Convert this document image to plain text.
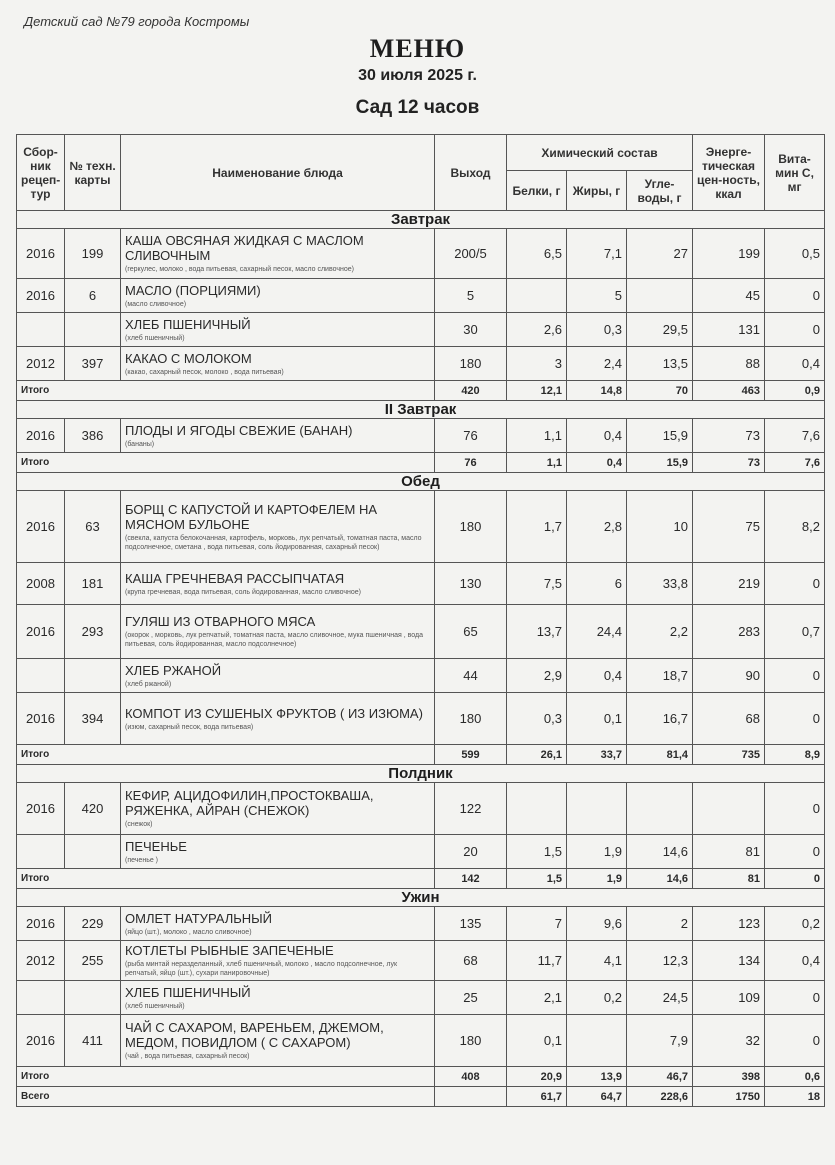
Детский сад №79 города Костромы
МЕНЮ
30 июля 2025 г.
Сад 12 часов
Сбор-ник рецеп-тур	№ техн. карты	Наименование блюда	Выход	Химический состав			Энерге-тическая цен-ность, ккал	Вита-мин С, мг
				Белки, г	Жиры, г	Угле-воды, г		
Завтрак								
2016	199	КАША ОВСЯНАЯ ЖИДКАЯ С МАСЛОМ СЛИВОЧНЫМ
(геркулес, молоко , вода питьевая, сахарный песок, масло сливочное)	200/5	6,5	7,1	27	199	0,5
2016	6	МАСЛО (ПОРЦИЯМИ)
(масло сливочное)	5		5		45	0

		ХЛЕБ ПШЕНИЧНЫЙ
(хлеб пшеничный)	30	2,6	0,3	29,5	131	0
2012	397	КАКАО С МОЛОКОМ
(какао, сахарный песок, молоко , вода питьевая)	180	3	2,4	13,5	88	0,4
Итого			420	12,1	14,8	70	463	0,9
II Завтрак								
2016	386	ПЛОДЫ И ЯГОДЫ СВЕЖИЕ (БАНАН)
(бананы)	76	1,1	0,4	15,9	73	7,6
Итого			76	1,1	0,4	15,9	73	7,6
Обед								
2016	63	БОРЩ С КАПУСТОЙ И КАРТОФЕЛЕМ НА МЯСНОМ БУЛЬОНЕ
(свекла, капуста белокочанная, картофель, морковь, лук репчатый, томатная паста, масло подсолнечное, сметана , вода питьевая, соль йодированная, сахарный песок)	180	1,7	2,8	10	75	8,2
2008	181	КАША ГРЕЧНЕВАЯ РАССЫПЧАТАЯ
(крупа гречневая, вода питьевая, соль йодированная, масло сливочное)	130	7,5	6	33,8	219	0
2016	293	ГУЛЯШ ИЗ ОТВАРНОГО МЯСА
(окорок , морковь, лук репчатый, томатная паста, масло сливочное, мука пшеничная , вода питьевая, соль йодированная, масло подсолнечное)	65	13,7	24,4	2,2	283	0,7

		ХЛЕБ РЖАНОЙ
(хлеб ржаной)	44	2,9	0,4	18,7	90	0
2016	394	КОМПОТ ИЗ СУШЕНЫХ ФРУКТОВ ( ИЗ ИЗЮМА)
(изюм, сахарный песок, вода питьевая)	180	0,3	0,1	16,7	68	0
Итого			599	26,1	33,7	81,4	735	8,9
Полдник								
2016	420	КЕФИР, АЦИДОФИЛИН,ПРОСТОКВАША, РЯЖЕНКА, АЙРАН (СНЕЖОК)
(снежок)	122					0

		ПЕЧЕНЬЕ
(печенье )	20	1,5	1,9	14,6	81	0
Итого			142	1,5	1,9	14,6	81	0
Ужин								
2016	229	ОМЛЕТ НАТУРАЛЬНЫЙ
(яйцо (шт.), молоко , масло сливочное)	135	7	9,6	2	123	0,2
2012	255	КОТЛЕТЫ РЫБНЫЕ ЗАПЕЧЕНЫЕ
(рыба минтай неразделанный, хлеб пшеничный, молоко , масло подсолнечное, лук репчатый, яйцо (шт.), сухари панировочные)	68	11,7	4,1	12,3	134	0,4

		ХЛЕБ ПШЕНИЧНЫЙ
(хлеб пшеничный)	25	2,1	0,2	24,5	109	0
2016	411	ЧАЙ С САХАРОМ, ВАРЕНЬЕМ, ДЖЕМОМ, МЕДОМ, ПОВИДЛОМ ( С САХАРОМ)
(чай , вода питьевая, сахарный песок)	180	0,1		7,9	32	0
Итого			408	20,9	13,9	46,7	398	0,6
Всего				61,7	64,7	228,6	1750	18
